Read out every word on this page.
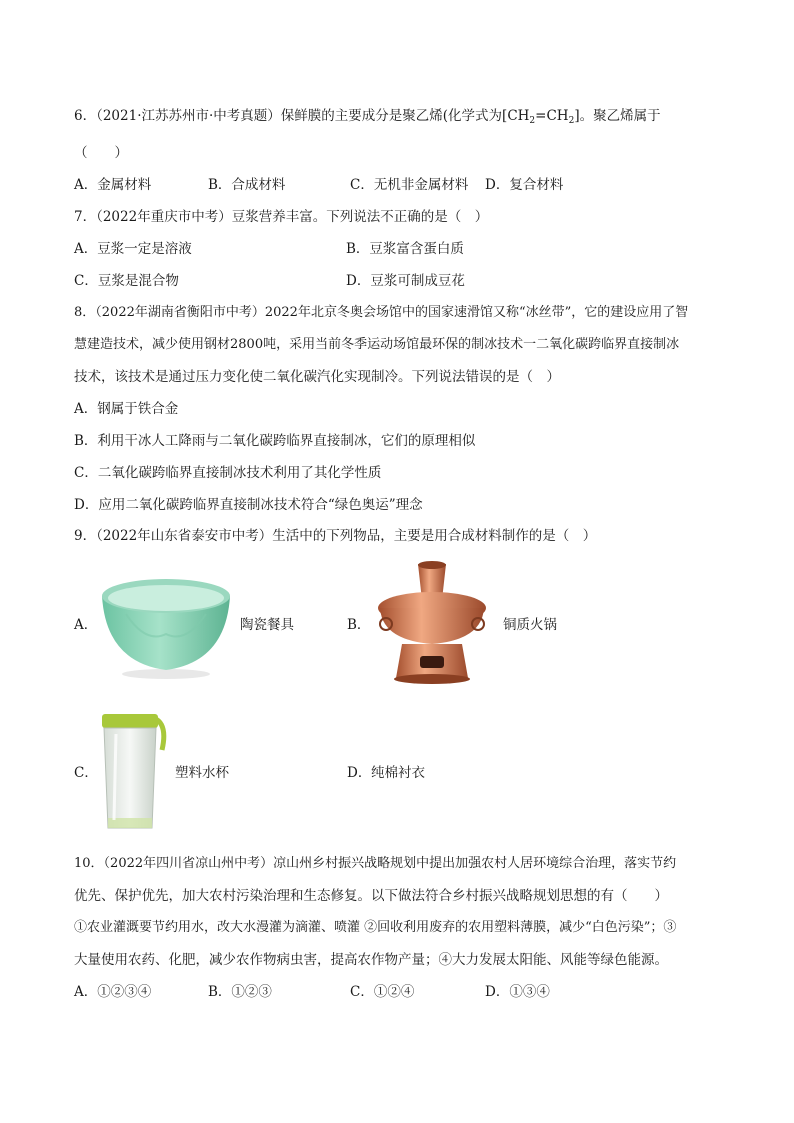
6．（2021·江苏苏州市·中考真题）保鲜膜的主要成分是聚乙烯(化学式为$[CH_2=CH_2]$。聚乙烯属于
（　　）
A．金属材料	B．合成材料	C．无机非金属材料 D．复合材料
7．（2022年重庆市中考）豆浆营养丰富。下列说法不正确的是（　）
A．豆浆一定是溶液	B．豆浆富含蛋白质
C．豆浆是混合物	D．豆浆可制成豆花
8．（2022年湖南省衡阳市中考）2022年北京冬奥会场馆中的国家速滑馆又称“冰丝带”，它的建设应用了智
慧建造技术，减少使用钢材2800吨，采用当前冬季运动场馆最环保的制冰技术一二氧化碳跨临界直接制冰
技术，该技术是通过压力变化使二氧化碳汽化实现制冷。下列说法错误的是（　）
A．钢属于铁合金
B．利用干冰人工降雨与二氧化碳跨临界直接制冰，它们的原理相似
C．二氧化碳跨临界直接制冰技术利用了其化学性质
D．应用二氧化碳跨临界直接制冰技术符合“绿色奥运”理念
9．（2022年山东省泰安市中考）生活中的下列物品，主要是用合成材料制作的是（　）
A．	陶瓷餐具	B．	铜质火锅
C．	塑料水杯	D． 纯棉衬衣
10．（2022年四川省凉山州中考）凉山州乡村振兴战略规划中提出加强农村人居环境综合治理，落实节约
优先、保护优先，加大农村污染治理和生态修复。以下做法符合乡村振兴战略规划思想的有（　　）
①农业灌溉要节约用水，改大水漫灌为滴灌、喷灌 ②回收利用废弃的农用塑料薄膜，减少“白色污染”；③
大量使用农药、化肥，减少农作物病虫害，提高农作物产量；④大力发展太阳能、风能等绿色能源。
A．①②③④	B．①②③	C．①②④	D．①③④
